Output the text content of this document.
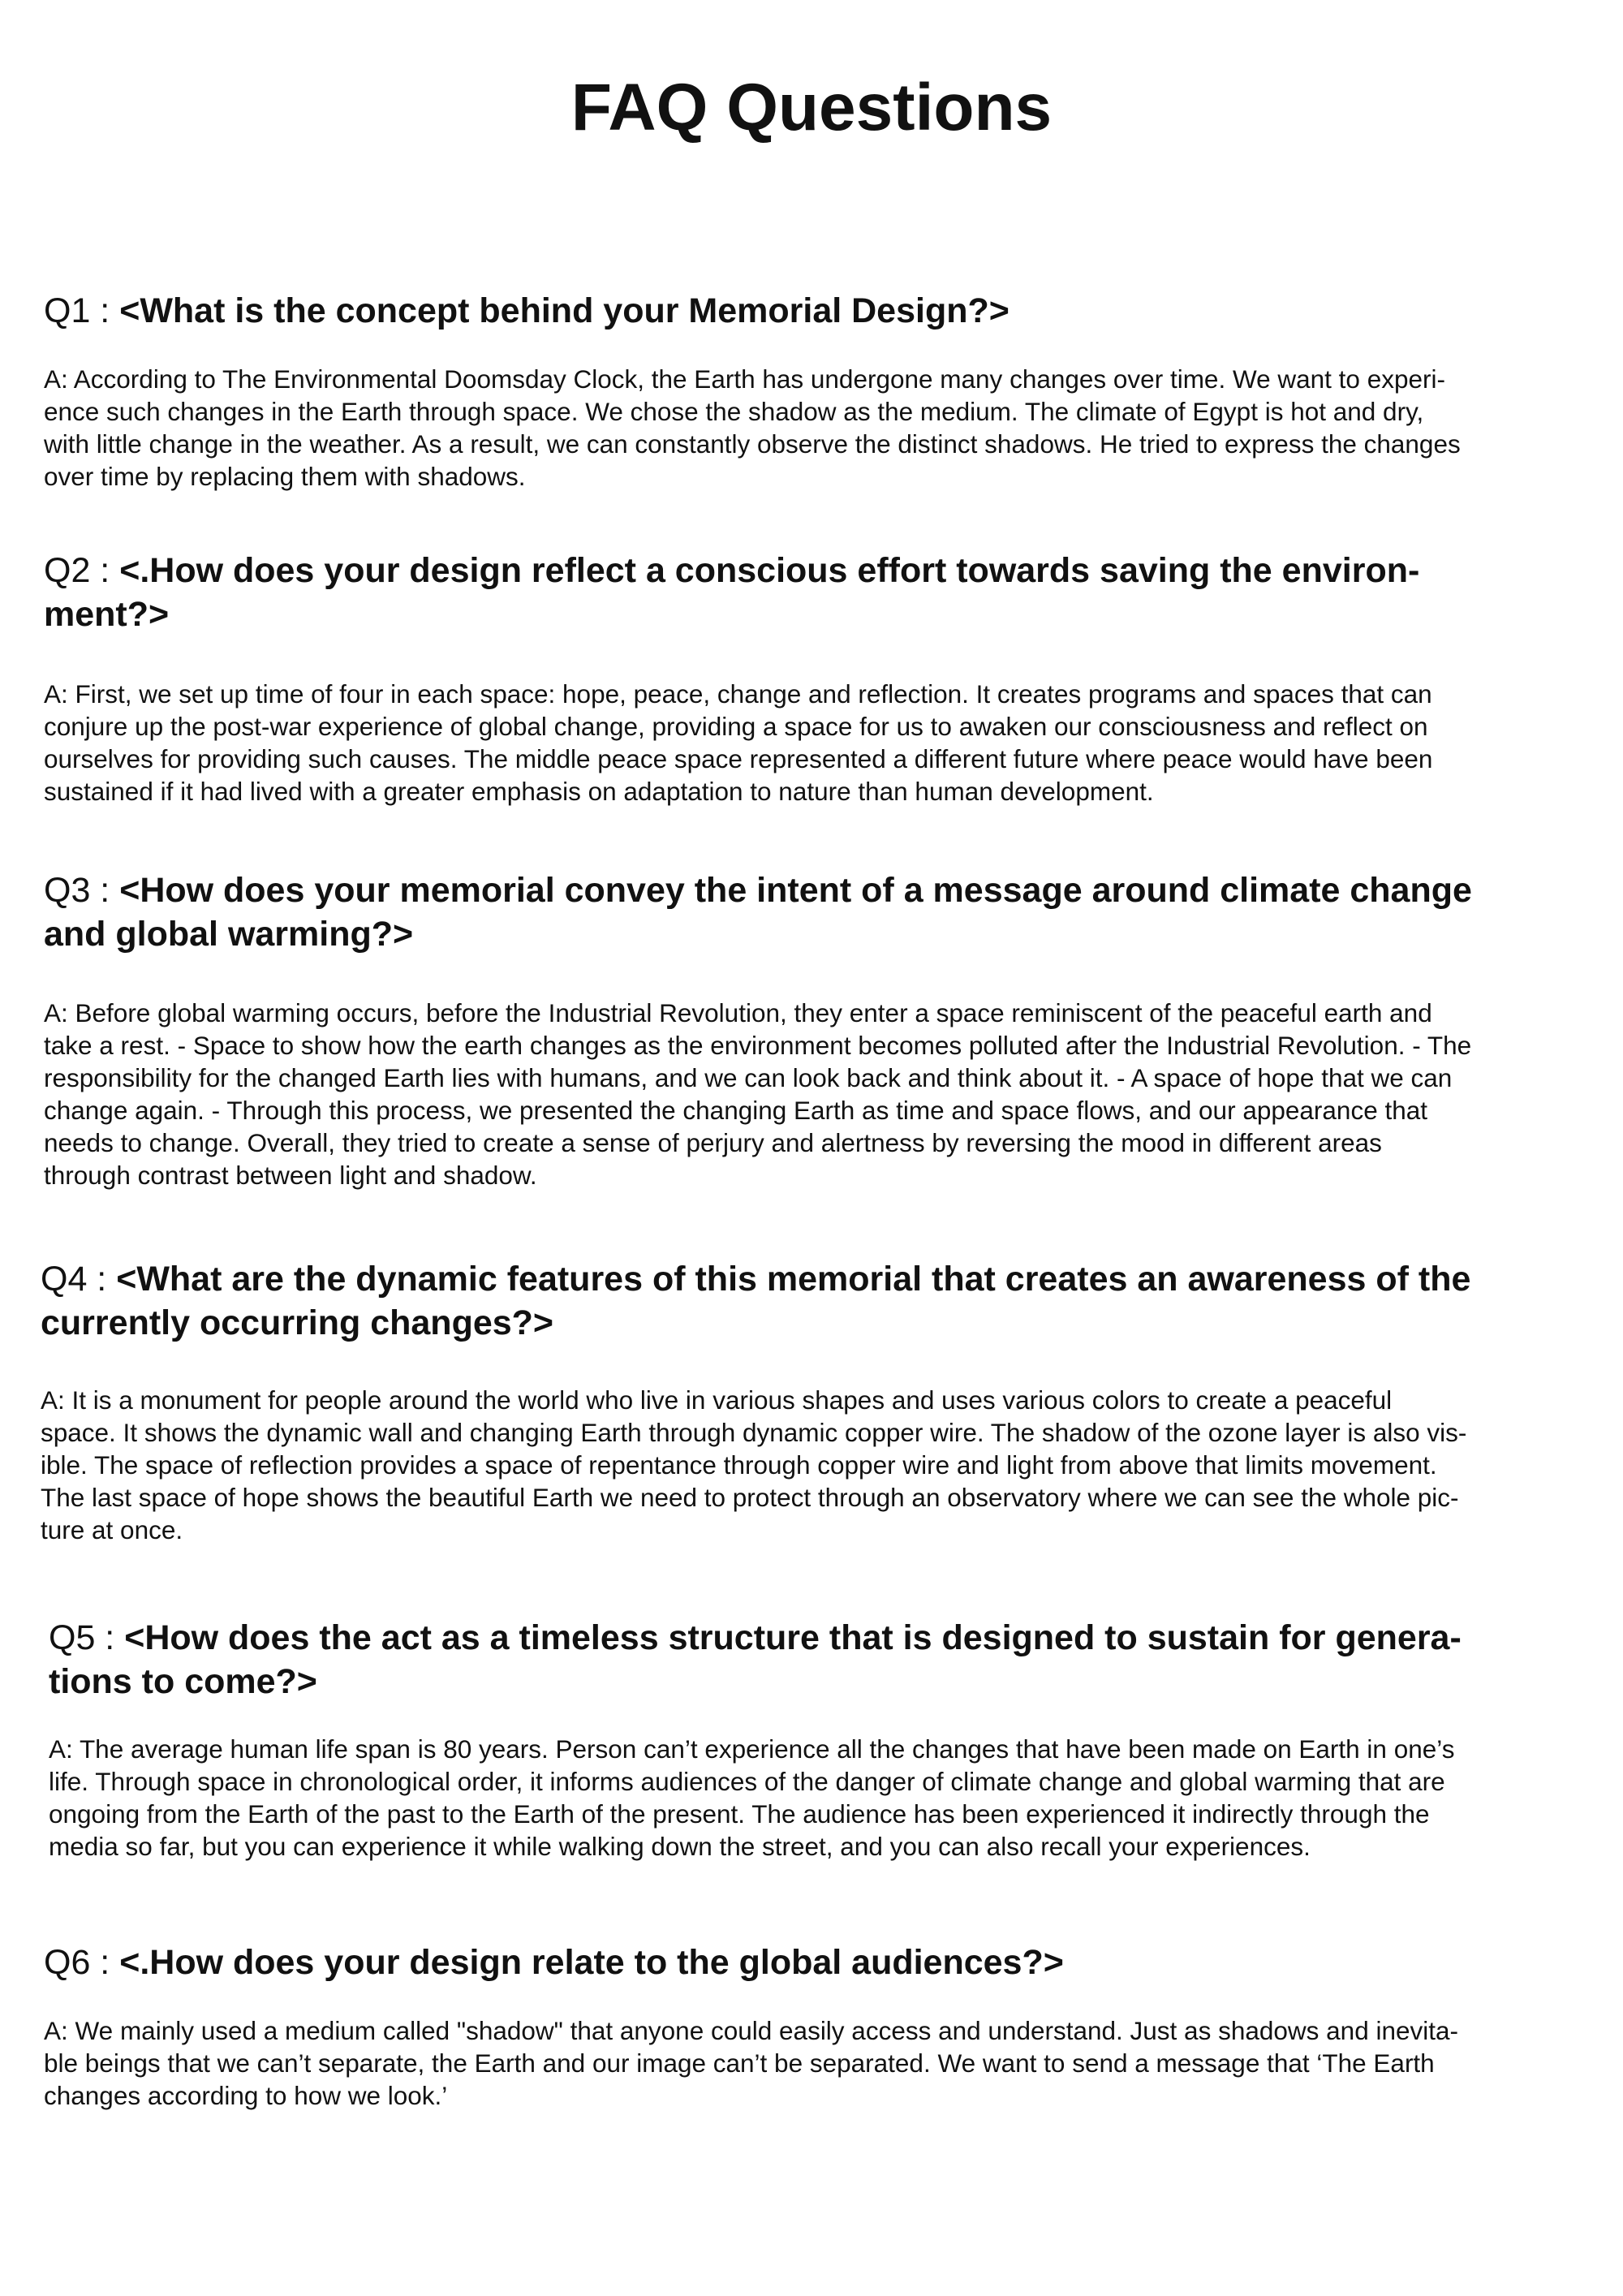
FAQ Questions

Q1 : <What is the concept behind your Memorial Design?>

A: According to The Environmental Doomsday Clock, the Earth has undergone many changes over time. We want to experi-
ence such changes in the Earth through space. We chose the shadow as the medium. The climate of Egypt is hot and dry,
with little change in the weather. As a result, we can constantly observe the distinct shadows. He tried to express the changes
over time by replacing them with shadows.
Q2 : <.How does your design reflect a conscious effort towards saving the environ-
ment?>
A: First, we set up time of four in each space: hope, peace, change and reflection. It creates programs and spaces that can
conjure up the post-war experience of global change, providing a space for us to awaken our consciousness and reflect on
ourselves for providing such causes. The middle peace space represented a different future where peace would have been
sustained if it had lived with a greater emphasis on adaptation to nature than human development.
Q3 : <How does your memorial convey the intent of a message around climate change
and global warming?>
A: Before global warming occurs, before the Industrial Revolution, they enter a space reminiscent of the peaceful earth and
take a rest. - Space to show how the earth changes as the environment becomes polluted after the Industrial Revolution. - The
responsibility for the changed Earth lies with humans, and we can look back and think about it. - A space of hope that we can
change again. - Through this process, we presented the changing Earth as time and space flows, and our appearance that
needs to change. Overall, they tried to create a sense of perjury and alertness by reversing the mood in different areas
through contrast between light and shadow.
Q4 : <What are the dynamic features of this memorial that creates an awareness of the
currently occurring changes?>
A: It is a monument for people around the world who live in various shapes and uses various colors to create a peaceful
space. It shows the dynamic wall and changing Earth through dynamic copper wire. The shadow of the ozone layer is also vis-
ible. The space of reflection provides a space of repentance through copper wire and light from above that limits movement.
The last space of hope shows the beautiful Earth we need to protect through an observatory where we can see the whole pic-
ture at once.
Q5 : <How does the act as a timeless structure that is designed to sustain for genera-
tions to come?>
A: The average human life span is 80 years. Person can’t experience all the changes that have been made on Earth in one’s
life. Through space in chronological order, it informs audiences of the danger of climate change and global warming that are
ongoing from the Earth of the past to the Earth of the present. The audience has been experienced it indirectly through the
media so far, but you can experience it while walking down the street, and you can also recall your experiences.

Q6 : <.How does your design relate to the global audiences?>

A: We mainly used a medium called "shadow" that anyone could easily access and understand. Just as shadows and inevita-
ble beings that we can’t separate, the Earth and our image can’t be separated. We want to send a message that ‘The Earth
changes according to how we look.’
